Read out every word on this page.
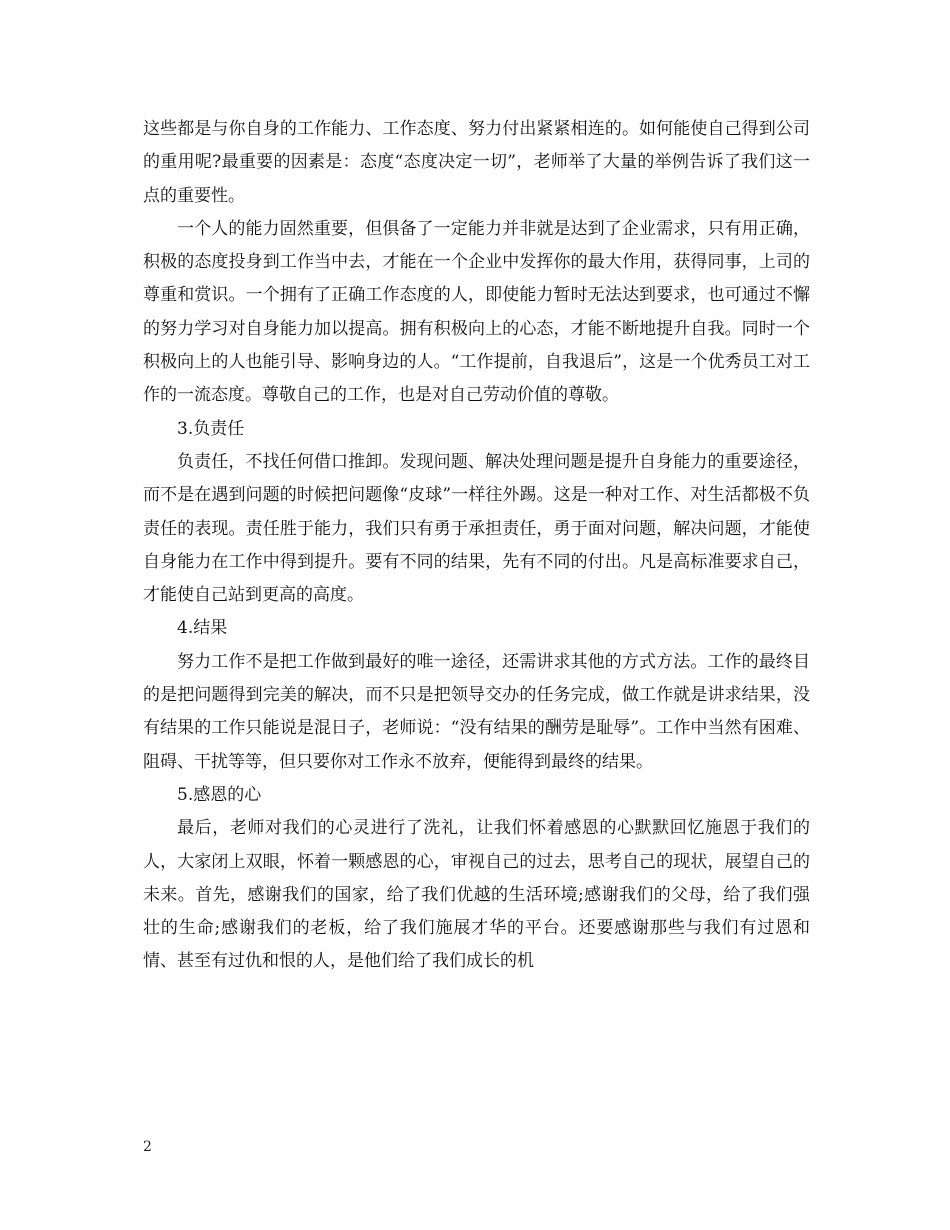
这些都是与你自身的工作能力、工作态度、努力付出紧紧相连的。如何能使自己得到公司的重用呢?最重要的因素是：态度“态度决定一切”，老师举了大量的举例告诉了我们这一点的重要性。

一个人的能力固然重要，但俱备了一定能力并非就是达到了企业需求，只有用正确，积极的态度投身到工作当中去，才能在一个企业中发挥你的最大作用，获得同事，上司的尊重和赏识。一个拥有了正确工作态度的人，即使能力暂时无法达到要求，也可通过不懈的努力学习对自身能力加以提高。拥有积极向上的心态，才能不断地提升自我。同时一个积极向上的人也能引导、影响身边的人。“工作提前，自我退后”，这是一个优秀员工对工作的一流态度。尊敬自己的工作，也是对自己劳动价值的尊敬。

3.负责任

负责任，不找任何借口推卸。发现问题、解决处理问题是提升自身能力的重要途径，而不是在遇到问题的时候把问题像“皮球”一样往外踢。这是一种对工作、对生活都极不负责任的表现。责任胜于能力，我们只有勇于承担责任，勇于面对问题，解决问题，才能使自身能力在工作中得到提升。要有不同的结果，先有不同的付出。凡是高标准要求自己，才能使自己站到更高的高度。

4.结果

努力工作不是把工作做到最好的唯一途径，还需讲求其他的方式方法。工作的最终目的是把问题得到完美的解决，而不只是把领导交办的任务完成，做工作就是讲求结果，没有结果的工作只能说是混日子，老师说：“没有结果的酬劳是耻辱”。工作中当然有困难、阻碍、干扰等等，但只要你对工作永不放弃，便能得到最终的结果。

5.感恩的心

最后，老师对我们的心灵进行了洗礼，让我们怀着感恩的心默默回忆施恩于我们的人，大家闭上双眼，怀着一颗感恩的心，审视自己的过去，思考自己的现状，展望自己的未来。首先，感谢我们的国家，给了我们优越的生活环境;感谢我们的父母，给了我们强壮的生命;感谢我们的老板，给了我们施展才华的平台。还要感谢那些与我们有过恩和情、甚至有过仇和恨的人，是他们给了我们成长的机

2
